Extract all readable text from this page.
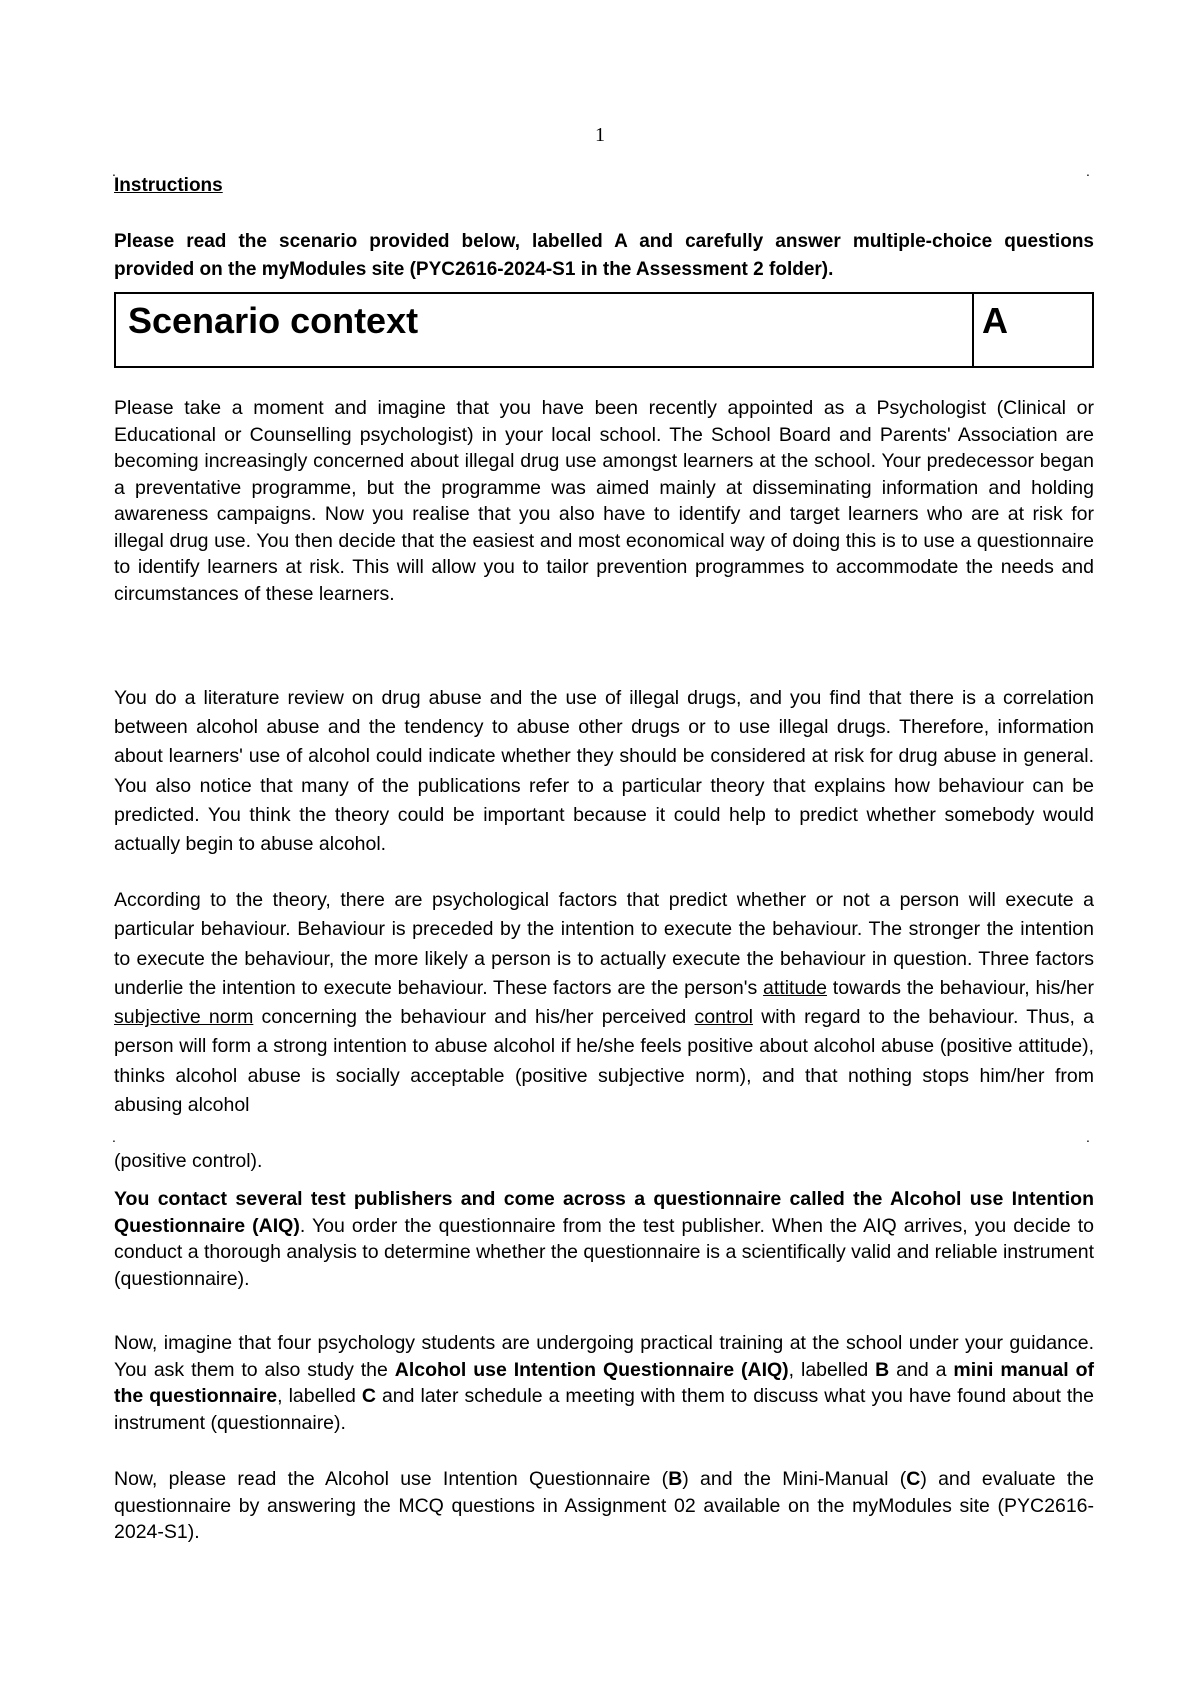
1
.	.
Instructions
Please read the scenario provided below, labelled A and carefully answer multiple-choice questions provided on the myModules site (PYC2616-2024-S1 in the Assessment 2 folder).
Scenario context	A

Please take a moment and imagine that you have been recently appointed as a Psychologist (Clinical or Educational or Counselling psychologist) in your local school. The School Board and Parents' Association are becoming increasingly concerned about illegal drug use amongst learners at the school. Your predecessor began a preventative programme, but the programme was aimed mainly at disseminating information and holding awareness campaigns. Now you realise that you also have to identify and target learners who are at risk for illegal drug use. You then decide that the easiest and most economical way of doing this is to use a questionnaire to identify learners at risk. This will allow you to tailor prevention programmes to accommodate the needs and circumstances of these learners.

You do a literature review on drug abuse and the use of illegal drugs, and you find that there is a correlation between alcohol abuse and the tendency to abuse other drugs or to use illegal drugs. Therefore, information about learners' use of alcohol could indicate whether they should be considered at risk for drug abuse in general. You also notice that many of the publications refer to a particular theory that explains how behaviour can be predicted. You think the theory could be important because it could help to predict whether somebody would actually begin to abuse alcohol.

According to the theory, there are psychological factors that predict whether or not a person will execute a particular behaviour. Behaviour is preceded by the intention to execute the behaviour. The stronger the intention to execute the behaviour, the more likely a person is to actually execute the behaviour in question. Three factors underlie the intention to execute behaviour. These factors are the person's attitude towards the behaviour, his/her subjective norm concerning the behaviour and his/her perceived control with regard to the behaviour. Thus, a person will form a strong intention to abuse alcohol if he/she feels positive about alcohol abuse (positive attitude), thinks alcohol abuse is socially acceptable (positive subjective norm), and that nothing stops him/her from abusing alcohol

.	.

(positive control).

You contact several test publishers and come across a questionnaire called the Alcohol use Intention Questionnaire (AIQ). You order the questionnaire from the test publisher. When the AIQ arrives, you decide to conduct a thorough analysis to determine whether the questionnaire is a scientifically valid and reliable instrument (questionnaire).

Now, imagine that four psychology students are undergoing practical training at the school under your guidance. You ask them to also study the Alcohol use Intention Questionnaire (AIQ), labelled B and a mini manual of the questionnaire, labelled C and later schedule a meeting with them to discuss what you have found about the instrument (questionnaire).

Now, please read the Alcohol use Intention Questionnaire (B) and the Mini-Manual (C) and evaluate the questionnaire by answering the MCQ questions in Assignment 02 available on the myModules site (PYC2616-2024-S1).
